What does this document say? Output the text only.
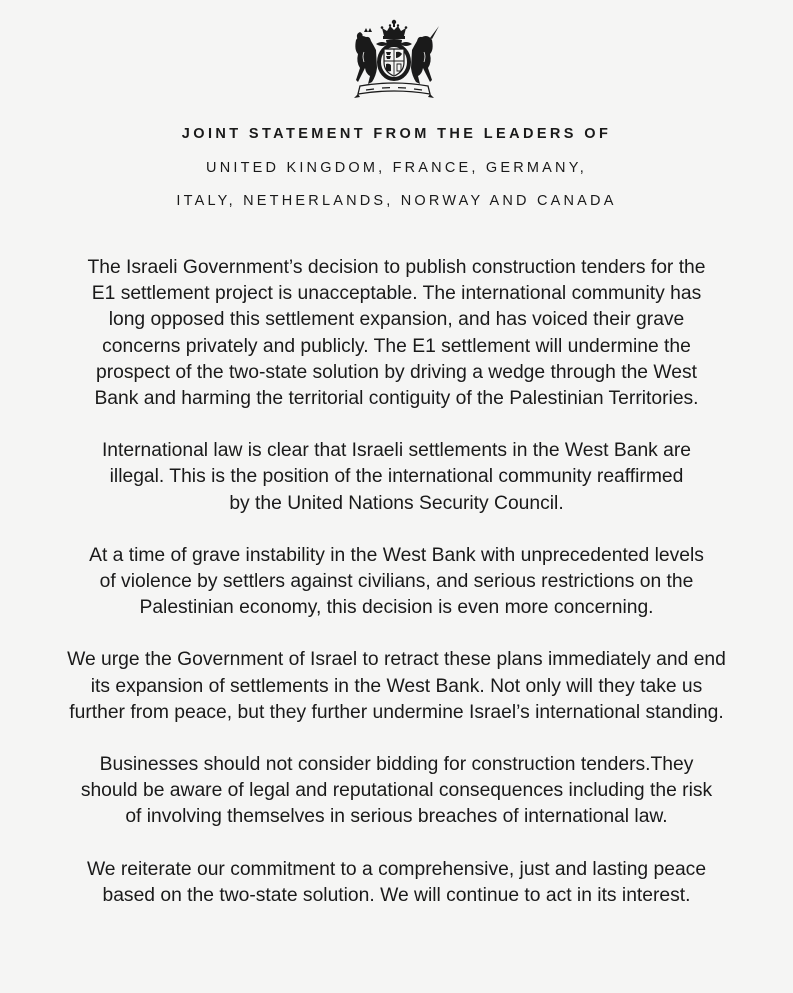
JOINT STATEMENT FROM THE LEADERS OF
UNITED KINGDOM, FRANCE, GERMANY,
ITALY, NETHERLANDS, NORWAY AND CANADA

The Israeli Government’s decision to publish construction tenders for the
E1 settlement project is unacceptable. The international community has
long opposed this settlement expansion, and has voiced their grave
concerns privately and publicly. The E1 settlement will undermine the
prospect of the two-state solution by driving a wedge through the West
Bank and harming the territorial contiguity of the Palestinian Territories.

International law is clear that Israeli settlements in the West Bank are
illegal. This is the position of the international community reaffirmed
by the United Nations Security Council.

At a time of grave instability in the West Bank with unprecedented levels
of violence by settlers against civilians, and serious restrictions on the
Palestinian economy, this decision is even more concerning.

We urge the Government of Israel to retract these plans immediately and end
its expansion of settlements in the West Bank. Not only will they take us
further from peace, but they further undermine Israel’s international standing.

Businesses should not consider bidding for construction tenders.They
should be aware of legal and reputational consequences including the risk
of involving themselves in serious breaches of international law.

We reiterate our commitment to a comprehensive, just and lasting peace
based on the two-state solution. We will continue to act in its interest.
